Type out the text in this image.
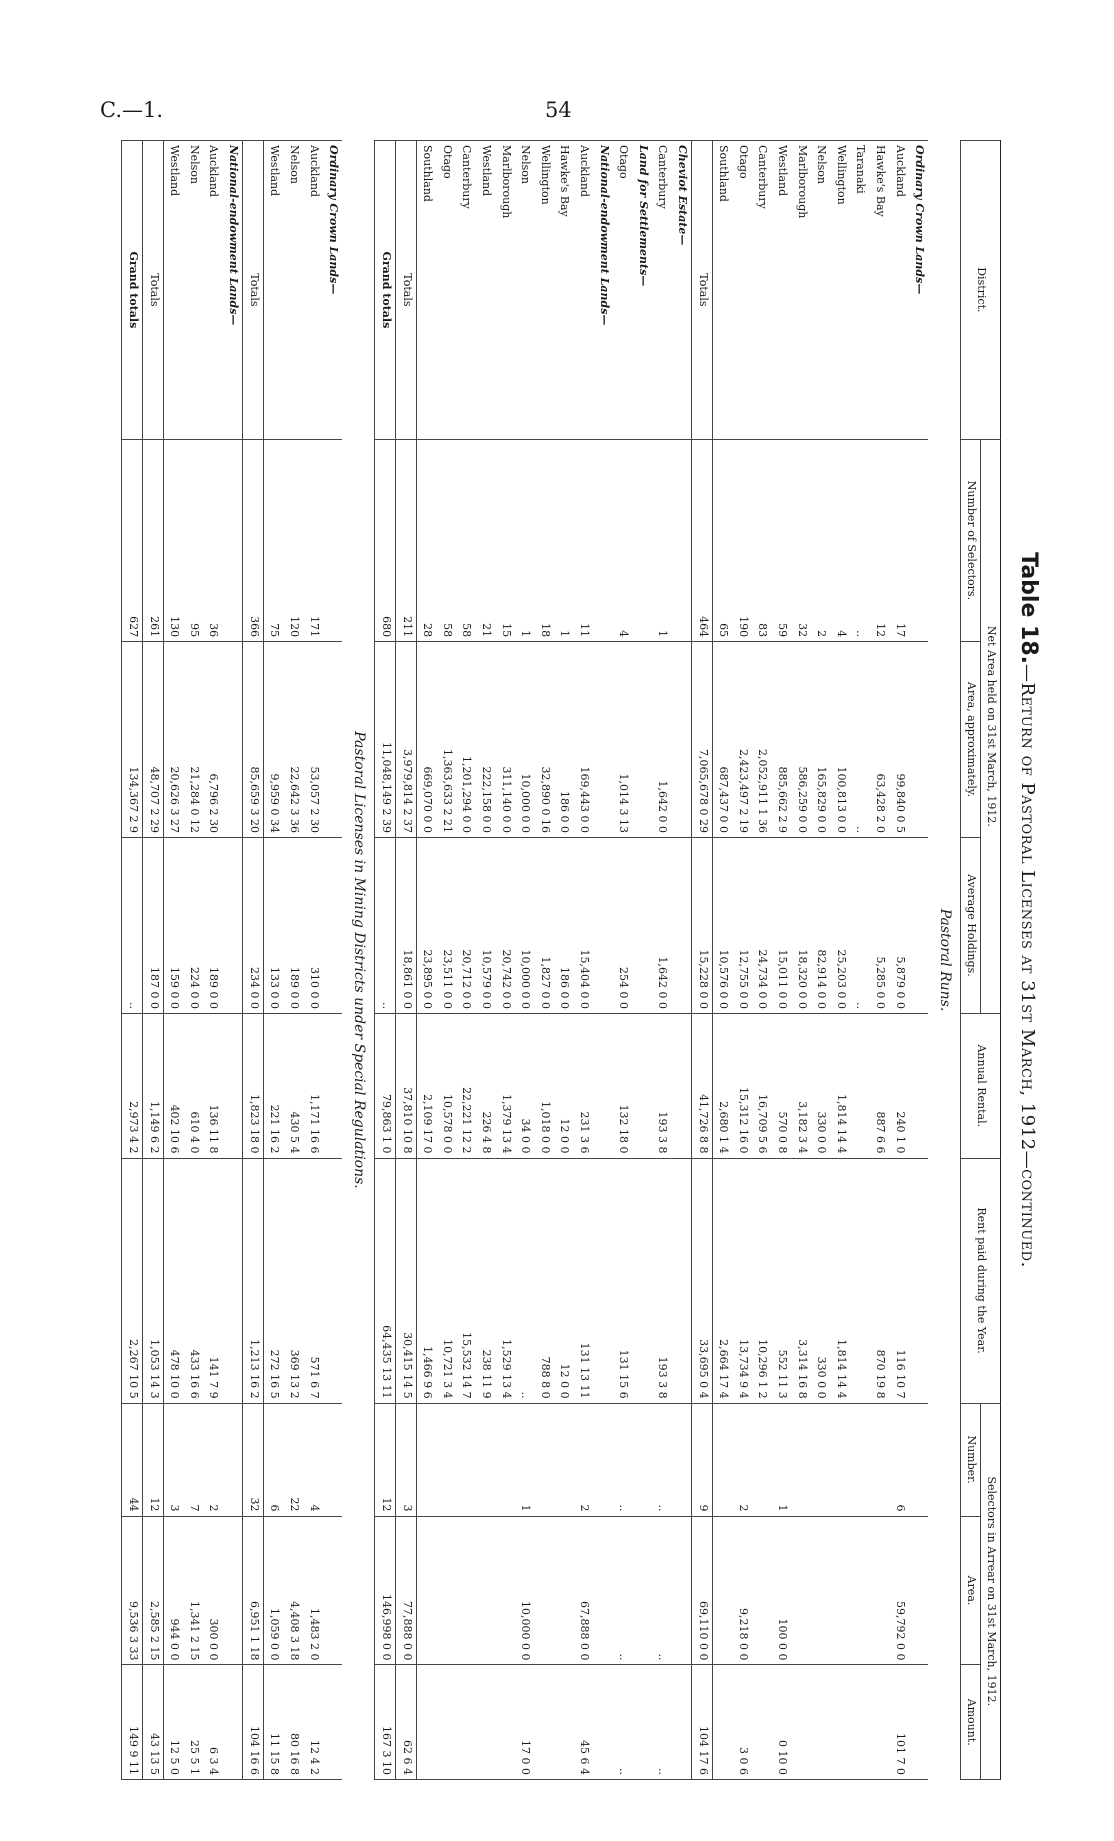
C.—1.	54
Table 18.—Return of Pastoral Licenses at 31st March, 1912—continued.
District.	Net Area held on 31st March, 1912.			Annual Rental.	Rent paid during the Year.	Selectors in Arrear on 31st March, 1912.		
	Number of Selectors.	Area, approximately.	Average Holdings.			Number.	Area.	Amount.
Pastoral Runs.								
Ordinary Crown Lands—								
Auckland	17	99,840 0 5	5,879 0 0	240 1 0	116 10 7	6	59,792 0 0	101 7 0
Hawke's Bay	12	63,428 2 0	5,285 0 0	887 6 6	870 19 8			
Taranaki	..	..	..					
Wellington	4	100,813 0 0	25,203 0 0	1,814 14 4	1,814 14 4			
Nelson	2	165,829 0 0	82,914 0 0	330 0 0	330 0 0			
Marlborough	32	586,259 0 0	18,320 0 0	3,182 3 4	3,314 16 8			
Westland	59	885,662 2 9	15,011 0 0	570 0 8	552 11 3	1	100 0 0	0 10 0
Canterbury	83	2,052,911 1 36	24,734 0 0	16,709 5 6	10,296 1 2			
Otago	190	2,423,497 2 19	12,755 0 0	15,312 16 0	13,734 9 4	2	9,218 0 0	3 0 6
Southland	65	687,437 0 0	10,576 0 0	2,680 1 4	2,664 17 4			
Totals	464	7,065,678 0 29	15,228 0 0	41,726 8 8	33,695 0 4	9	69,110 0 0	104 17 6
Cheviot Estate—								
Canterbury	1	1,642 0 0	1,642 0 0	193 3 8	193 3 8	..	..	..
Land for Settlements—								
Otago	4	1,014 3 13	254 0 0	132 18 0	131 15 6	..	..	..
National-endowment Lands—								
Auckland	11	169,443 0 0	15,404 0 0	231 3 6	131 13 11	2	67,888 0 0	45 6 4
Hawke's Bay	1	186 0 0	186 0 0	12 0 0	12 0 0			
Wellington	18	32,890 0 16	1,827 0 0	1,018 0 0	788 8 0			
Nelson	1	10,000 0 0	10,000 0 0	34 0 0	..	1	10,000 0 0	17 0 0
Marlborough	15	311,140 0 0	20,742 0 0	1,379 13 4	1,529 13 4			
Westland	21	222,158 0 0	10,579 0 0	226 4 8	238 11 9			
Canterbury	58	1,201,294 0 0	20,712 0 0	22,221 12 2	15,532 14 7			
Otago	58	1,363,633 2 21	23,511 0 0	10,578 0 0	10,721 3 4			
Southland	28	669,070 0 0	23,895 0 0	2,109 17 0	1,466 9 6			
Totals	211	3,979,814 2 37	18,861 0 0	37,810 10 8	30,415 14 5	3	77,888 0 0	62 6 4
Grand totals	680	11,048,149 2 39	..	79,863 1 0	64,435 13 11	12	146,998 0 0	167 3 10
Pastoral Licenses in Mining Districts under Special Regulations.								
Ordinary Crown Lands—								
Auckland	171	53,057 2 30	310 0 0	1,171 16 6	571 6 7	4	1,483 2 0	12 4 2
Nelson	120	22,642 3 36	189 0 0	430 5 4	369 13 2	22	4,408 3 18	80 16 8
Westland	75	9,959 0 34	133 0 0	221 16 2	272 16 5	6	1,059 0 0	11 15 8
Totals	366	85,659 3 20	234 0 0	1,823 18 0	1,213 16 2	32	6,951 1 18	104 16 6
National-endowment Lands—								
Auckland	36	6,796 2 30	189 0 0	136 11 8	141 7 9	2	300 0 0	6 3 4
Nelson	95	21,284 0 12	224 0 0	610 4 0	433 16 6	7	1,341 2 15	25 5 1
Westland	130	20,626 3 27	159 0 0	402 10 6	478 10 0	3	944 0 0	12 5 0
Totals	261	48,707 2 29	187 0 0	1,149 6 2	1,053 14 3	12	2,585 2 15	43 13 5
Grand totals	627	134,367 2 9	..	2,973 4 2	2,267 10 5	44	9,536 3 33	149 9 11
